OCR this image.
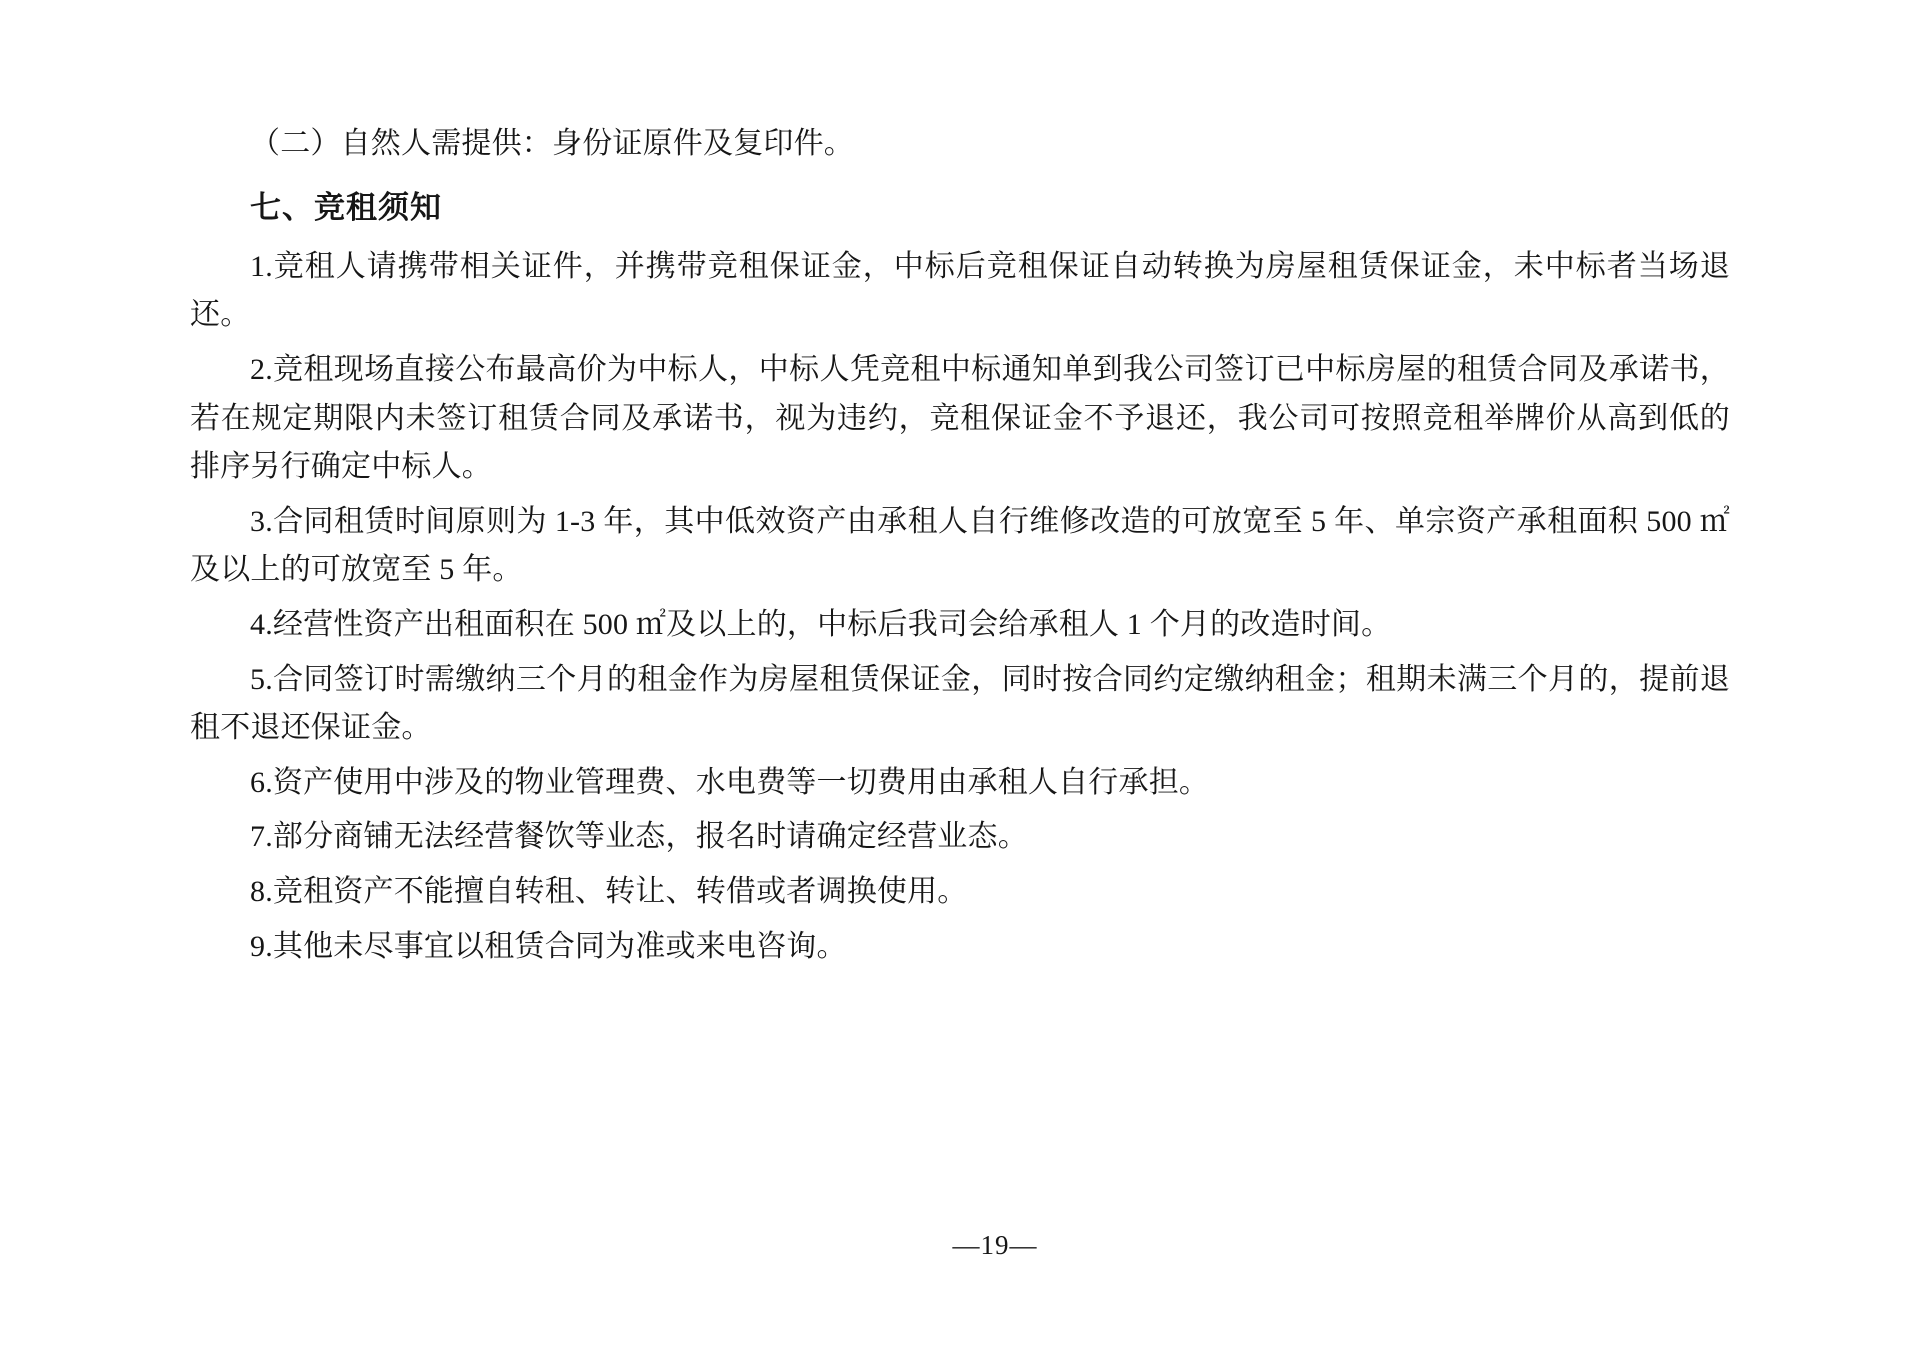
（二）自然人需提供：身份证原件及复印件。

七、竞租须知

1.竞租人请携带相关证件，并携带竞租保证金，中标后竞租保证自动转换为房屋租赁保证金，未中标者当场退还。

2.竞租现场直接公布最高价为中标人，中标人凭竞租中标通知单到我公司签订已中标房屋的租赁合同及承诺书，若在规定期限内未签订租赁合同及承诺书，视为违约，竞租保证金不予退还，我公司可按照竞租举牌价从高到低的排序另行确定中标人。

3.合同租赁时间原则为 1-3 年，其中低效资产由承租人自行维修改造的可放宽至 5 年、单宗资产承租面积 500 ㎡及以上的可放宽至 5 年。

4.经营性资产出租面积在 500 ㎡及以上的，中标后我司会给承租人 1 个月的改造时间。

5.合同签订时需缴纳三个月的租金作为房屋租赁保证金，同时按合同约定缴纳租金；租期未满三个月的，提前退租不退还保证金。

6.资产使用中涉及的物业管理费、水电费等一切费用由承租人自行承担。

7.部分商铺无法经营餐饮等业态，报名时请确定经营业态。

8.竞租资产不能擅自转租、转让、转借或者调换使用。

9.其他未尽事宜以租赁合同为准或来电咨询。

—19—
